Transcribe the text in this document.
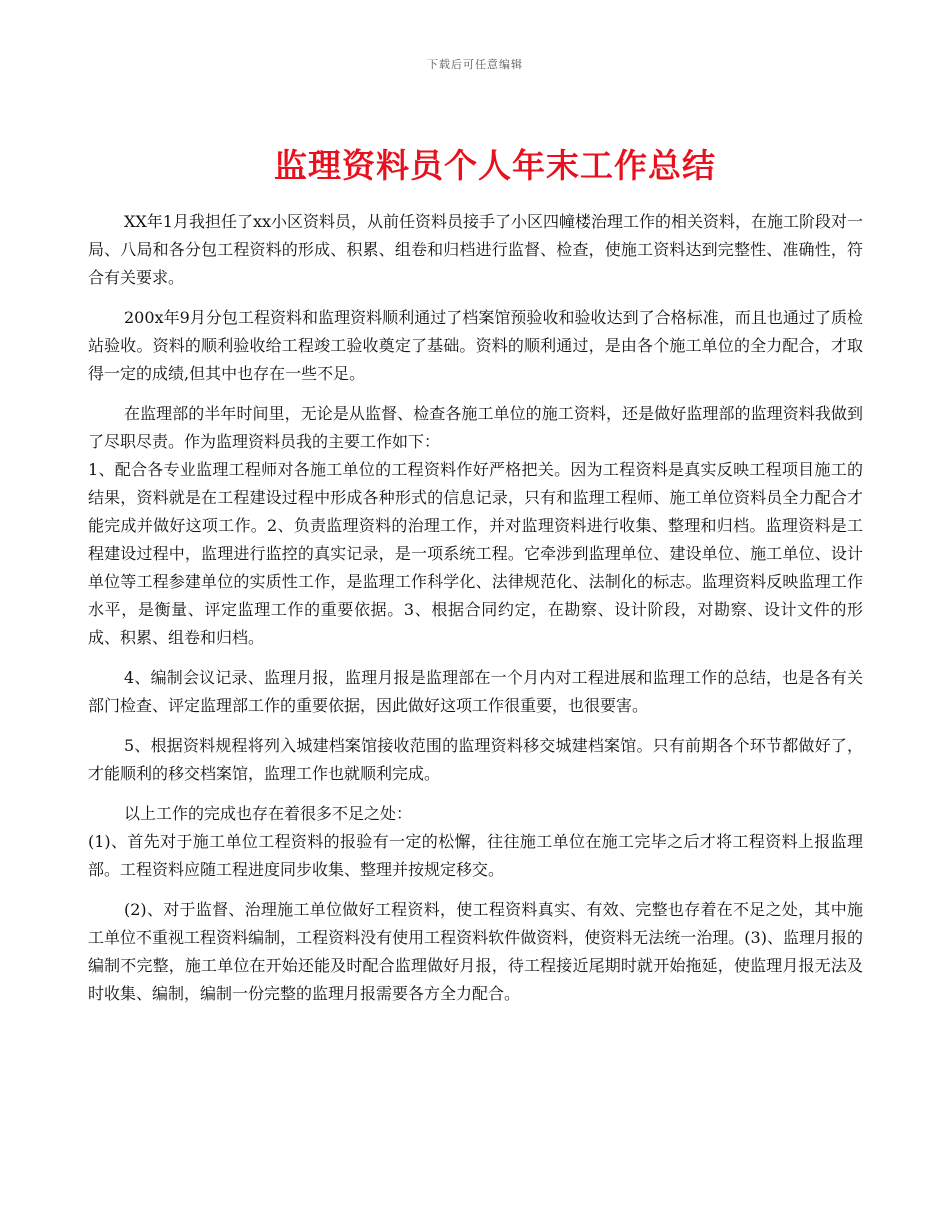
下载后可任意编辑
监理资料员个人年末工作总结

XX年1月我担任了xx小区资料员，从前任资料员接手了小区四幢楼治理工作的相关资料，在施工阶段对一局、八局和各分包工程资料的形成、积累、组卷和归档进行监督、检查，使施工资料达到完整性、准确性，符合有关要求。

200x年9月分包工程资料和监理资料顺利通过了档案馆预验收和验收达到了合格标准，而且也通过了质检站验收。资料的顺利验收给工程竣工验收奠定了基础。资料的顺利通过，是由各个施工单位的全力配合，才取得一定的成绩,但其中也存在一些不足。

在监理部的半年时间里，无论是从监督、检查各施工单位的施工资料，还是做好监理部的监理资料我做到了尽职尽责。作为监理资料员我的主要工作如下：

1、配合各专业监理工程师对各施工单位的工程资料作好严格把关。因为工程资料是真实反映工程项目施工的结果，资料就是在工程建设过程中形成各种形式的信息记录，只有和监理工程师、施工单位资料员全力配合才能完成并做好这项工作。2、负责监理资料的治理工作，并对监理资料进行收集、整理和归档。监理资料是工程建设过程中，监理进行监控的真实记录，是一项系统工程。它牵涉到监理单位、建设单位、施工单位、设计单位等工程参建单位的实质性工作，是监理工作科学化、法律规范化、法制化的标志。监理资料反映监理工作水平，是衡量、评定监理工作的重要依据。3、根据合同约定，在勘察、设计阶段，对勘察、设计文件的形成、积累、组卷和归档。

4、编制会议记录、监理月报，监理月报是监理部在一个月内对工程进展和监理工作的总结，也是各有关部门检查、评定监理部工作的重要依据，因此做好这项工作很重要，也很要害。

5、根据资料规程将列入城建档案馆接收范围的监理资料移交城建档案馆。只有前期各个环节都做好了，才能顺利的移交档案馆，监理工作也就顺利完成。

以上工作的完成也存在着很多不足之处：

(1)、首先对于施工单位工程资料的报验有一定的松懈，往往施工单位在施工完毕之后才将工程资料上报监理部。工程资料应随工程进度同步收集、整理并按规定移交。

(2)、对于监督、治理施工单位做好工程资料，使工程资料真实、有效、完整也存着在不足之处，其中施工单位不重视工程资料编制，工程资料没有使用工程资料软件做资料，使资料无法统一治理。(3)、监理月报的编制不完整，施工单位在开始还能及时配合监理做好月报，待工程接近尾期时就开始拖延，使监理月报无法及时收集、编制，编制一份完整的监理月报需要各方全力配合。
